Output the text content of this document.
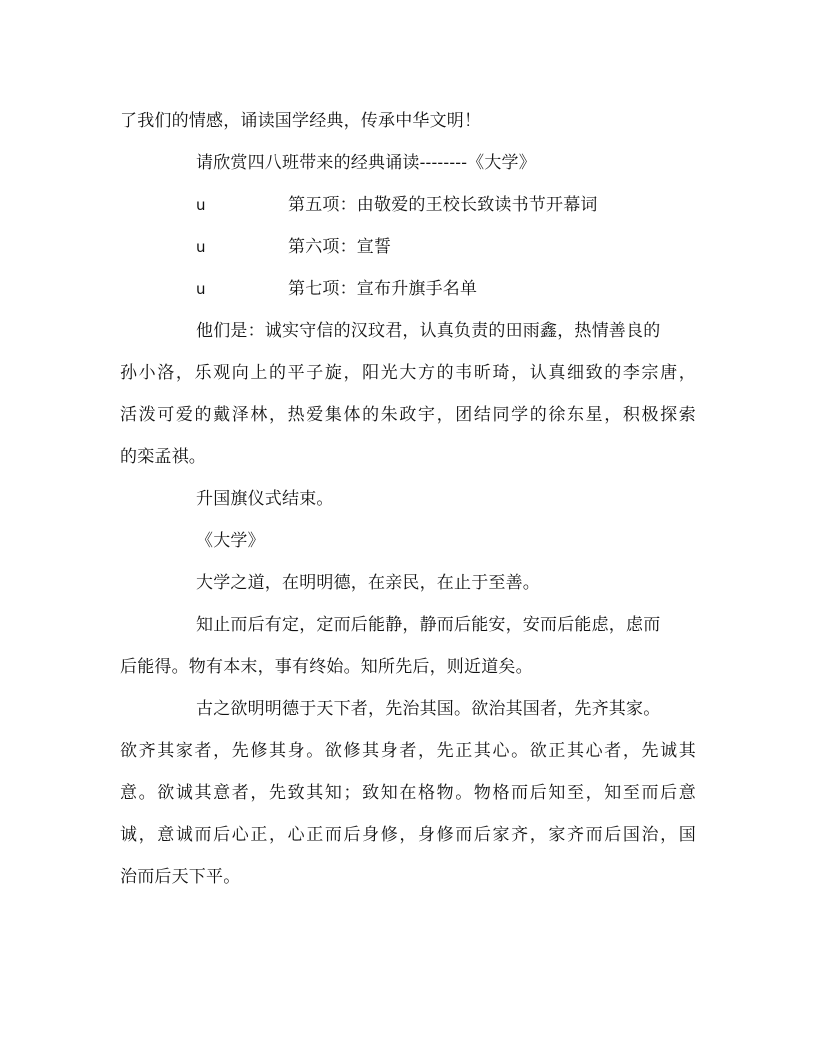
了我们的情感，诵读国学经典，传承中华文明！
请欣赏四八班带来的经典诵读--------《大学》
u	第五项：由敬爱的王校长致读书节开幕词
u	第六项：宣誓
u	第七项：宣布升旗手名单
他们是：诚实守信的汉玟君，认真负责的田雨鑫，热情善良的
孙小洛，乐观向上的平子旋，阳光大方的韦昕琦，认真细致的李宗唐，
活泼可爱的戴泽林，热爱集体的朱政宇，团结同学的徐东星，积极探索
的栾孟祺。
升国旗仪式结束。
《大学》
大学之道，在明明德，在亲民，在止于至善。
知止而后有定，定而后能静，静而后能安，安而后能虑，虑而
后能得。物有本末，事有终始。知所先后，则近道矣。
古之欲明明德于天下者，先治其国。欲治其国者，先齐其家。
欲齐其家者，先修其身。欲修其身者，先正其心。欲正其心者，先诚其
意。欲诚其意者，先致其知；致知在格物。物格而后知至，知至而后意
诚，意诚而后心正，心正而后身修，身修而后家齐，家齐而后国治，国
治而后天下平。
